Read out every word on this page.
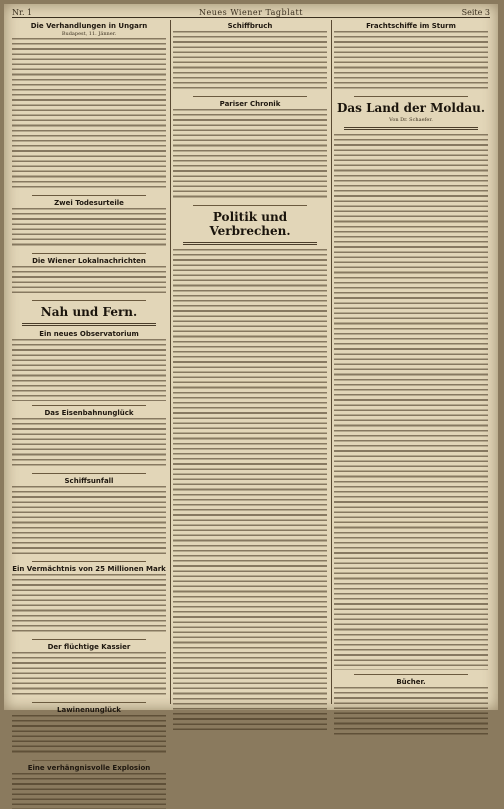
Nr. 1	Neues Wiener Tagblatt	Seite 3
Die Verhandlungen in Ungarn
Budapest, 11. Jänner.
Zwei Todesurteile
Die Wiener Lokalnachrichten
Nah und Fern.
Ein neues Observatorium
Das Eisenbahnunglück
Schiffsunfall
Ein Vermächtnis von 25 Millionen Mark
Der flüchtige Kassier
Lawinenunglück
Eine verhängnisvolle Explosion
Schiffbruch
Pariser Chronik
Politik und Verbrechen.
Frachtschiffe im Sturm
Das Land der Moldau.
Von Dr. Schaefer.
Bücher.
